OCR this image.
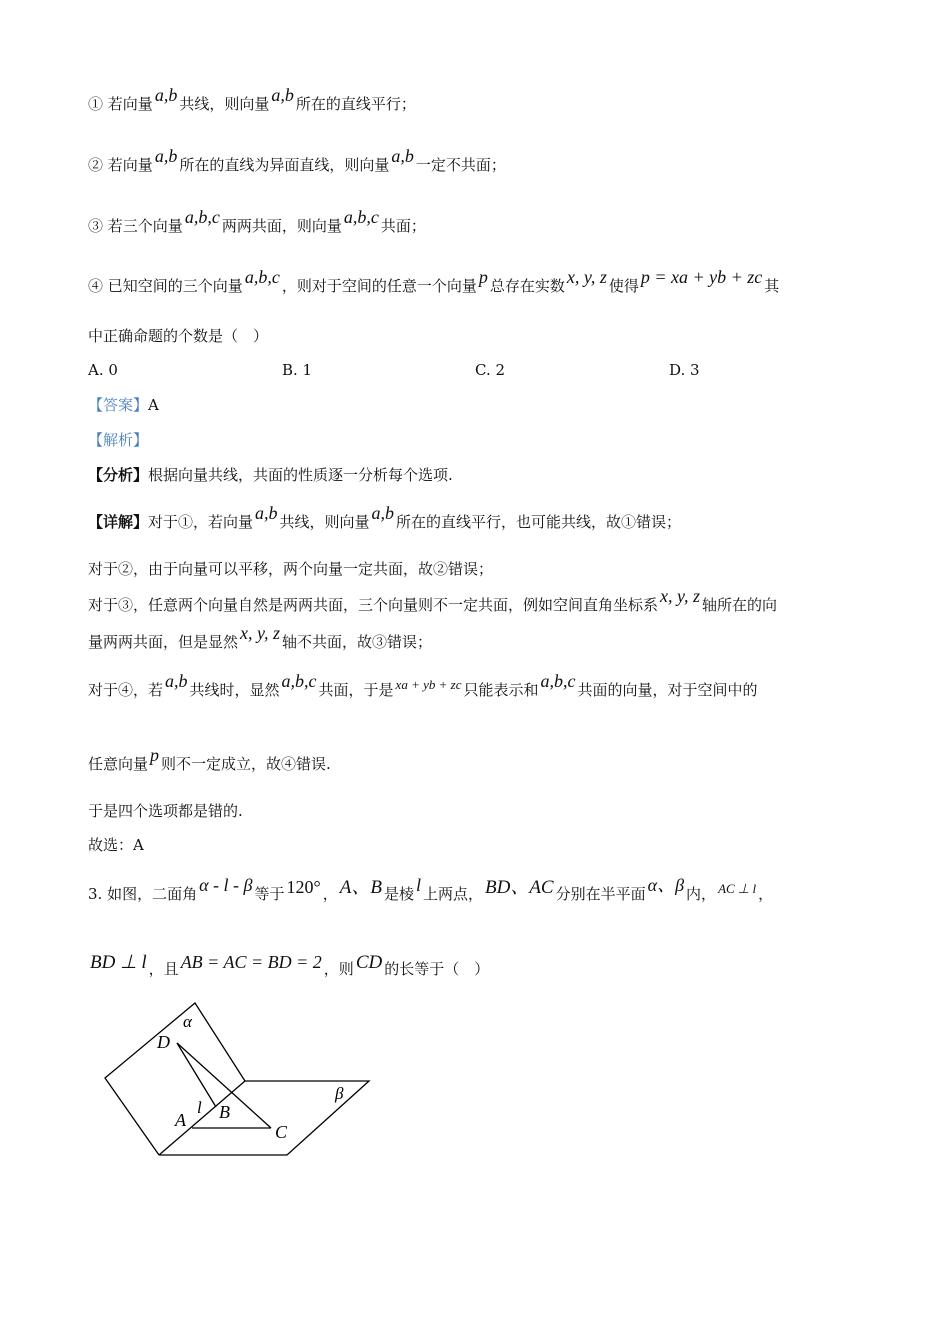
① 若向量 a,b 共线，则向量 a,b 所在的直线平行；
② 若向量 a,b 所在的直线为异面直线，则向量 a,b 一定不共面；
③ 若三个向量 a,b,c 两两共面，则向量 a,b,c 共面；
④ 已知空间的三个向量 a,b,c ，则对于空间的任意一个向量 p 总存在实数 x, y, z 使得 p = xa + yb + zc 其
中正确命题的个数是（　）
A. 0	B. 1	C. 2	D. 3
【答案】A
【解析】
【分析】根据向量共线，共面的性质逐一分析每个选项.
【详解】对于①，若向量 a,b 共线，则向量 a,b 所在的直线平行，也可能共线，故①错误；
对于②，由于向量可以平移，两个向量一定共面，故②错误；
对于③，任意两个向量自然是两两共面，三个向量则不一定共面，例如空间直角坐标系 x, y, z 轴所在的向
量两两共面，但是显然 x, y, z 轴不共面，故③错误；
对于④，若 a,b 共线时，显然 a,b,c 共面，于是 xa + yb + zc 只能表示和 a,b,c 共面的向量，对于空间中的
任意向量 p 则不一定成立，故④错误.
于是四个选项都是错的.
故选：A
3. 如图，二面角 α - l - β 等于 120° ， A、B 是棱 l 上两点， BD、AC 分别在半平面 α、β 内， AC ⊥ l ，
BD ⊥ l ，且 AB = AC = BD = 2 ，则 CD 的长等于（　）
α
β
D
A B
C
l
